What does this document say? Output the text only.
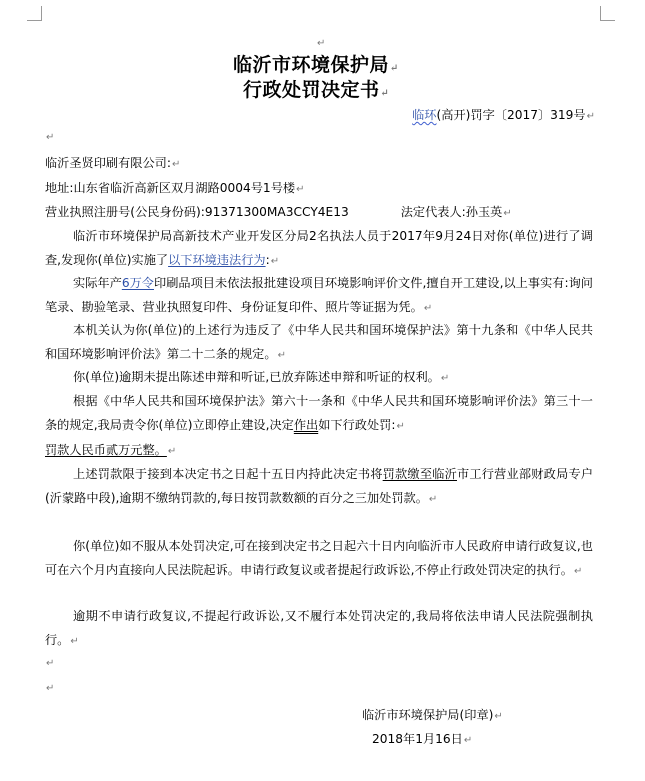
↵
临沂市环境保护局↵
行政处罚决定书↵
临环(高开)罚字〔2017〕319号↵
↵
临沂圣贤印刷有限公司:↵
地址:山东省临沂高新区双月湖路0004号1号楼↵
营业执照注册号(公民身份码):91371300MA3CCY4E13	法定代表人:孙玉英↵
临沂市环境保护局高新技术产业开发区分局2名执法人员于2017年9月24日对你(单位)进行了调查,发现你(单位)实施了以下环境违法行为:↵
实际年产6万令印刷品项目未依法报批建设项目环境影响评价文件,擅自开工建设,以上事实有:询问笔录、勘验笔录、营业执照复印件、身份证复印件、照片等证据为凭。↵
本机关认为你(单位)的上述行为违反了《中华人民共和国环境保护法》第十九条和《中华人民共和国环境影响评价法》第二十二条的规定。↵
你(单位)逾期未提出陈述申辩和听证,已放弃陈述申辩和听证的权利。↵
根据《中华人民共和国环境保护法》第六十一条和《中华人民共和国环境影响评价法》第三十一条的规定,我局责令你(单位)立即停止建设,决定作出如下行政处罚:↵
罚款人民币贰万元整。↵
上述罚款限于接到本决定书之日起十五日内持此决定书将罚款缴至临沂市工行营业部财政局专户(沂蒙路中段),逾期不缴纳罚款的,每日按罚款数额的百分之三加处罚款。↵
你(单位)如不服从本处罚决定,可在接到决定书之日起六十日内向临沂市人民政府申请行政复议,也可在六个月内直接向人民法院起诉。申请行政复议或者提起行政诉讼,不停止行政处罚决定的执行。↵
逾期不申请行政复议,不提起行政诉讼,又不履行本处罚决定的,我局将依法申请人民法院强制执行。↵
↵
↵
临沂市环境保护局(印章)↵
2018年1月16日↵
